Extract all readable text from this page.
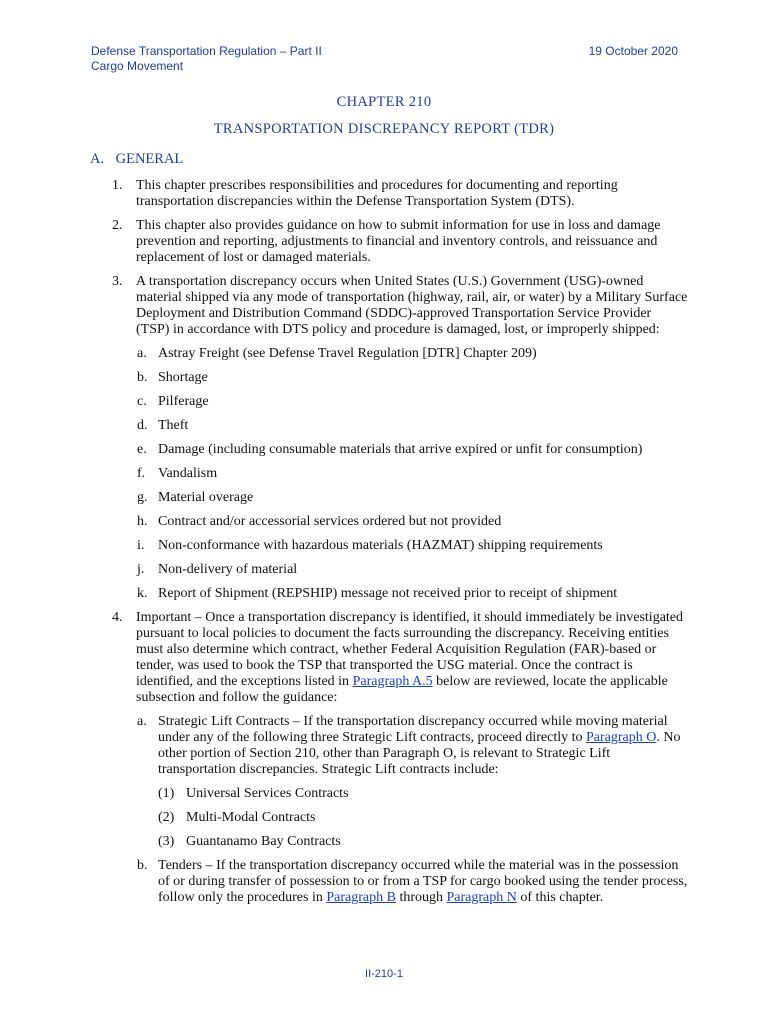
Defense Transportation Regulation – Part II
Cargo Movement
19 October 2020
CHAPTER 210
TRANSPORTATION DISCREPANCY REPORT (TDR)
A. GENERAL
1. This chapter prescribes responsibilities and procedures for documenting and reporting transportation discrepancies within the Defense Transportation System (DTS).
2. This chapter also provides guidance on how to submit information for use in loss and damage prevention and reporting, adjustments to financial and inventory controls, and reissuance and replacement of lost or damaged materials.
3. A transportation discrepancy occurs when United States (U.S.) Government (USG)-owned material shipped via any mode of transportation (highway, rail, air, or water) by a Military Surface Deployment and Distribution Command (SDDC)-approved Transportation Service Provider (TSP) in accordance with DTS policy and procedure is damaged, lost, or improperly shipped:
a. Astray Freight (see Defense Travel Regulation [DTR] Chapter 209)
b. Shortage
c. Pilferage
d. Theft
e. Damage (including consumable materials that arrive expired or unfit for consumption)
f. Vandalism
g. Material overage
h. Contract and/or accessorial services ordered but not provided
i. Non-conformance with hazardous materials (HAZMAT) shipping requirements
j. Non-delivery of material
k. Report of Shipment (REPSHIP) message not received prior to receipt of shipment
4. Important – Once a transportation discrepancy is identified, it should immediately be investigated pursuant to local policies to document the facts surrounding the discrepancy. Receiving entities must also determine which contract, whether Federal Acquisition Regulation (FAR)-based or tender, was used to book the TSP that transported the USG material. Once the contract is identified, and the exceptions listed in Paragraph A.5 below are reviewed, locate the applicable subsection and follow the guidance:
a. Strategic Lift Contracts – If the transportation discrepancy occurred while moving material under any of the following three Strategic Lift contracts, proceed directly to Paragraph O. No other portion of Section 210, other than Paragraph O, is relevant to Strategic Lift transportation discrepancies. Strategic Lift contracts include:
(1) Universal Services Contracts
(2) Multi-Modal Contracts
(3) Guantanamo Bay Contracts
b. Tenders – If the transportation discrepancy occurred while the material was in the possession of or during transfer of possession to or from a TSP for cargo booked using the tender process, follow only the procedures in Paragraph B through Paragraph N of this chapter.
II-210-1
